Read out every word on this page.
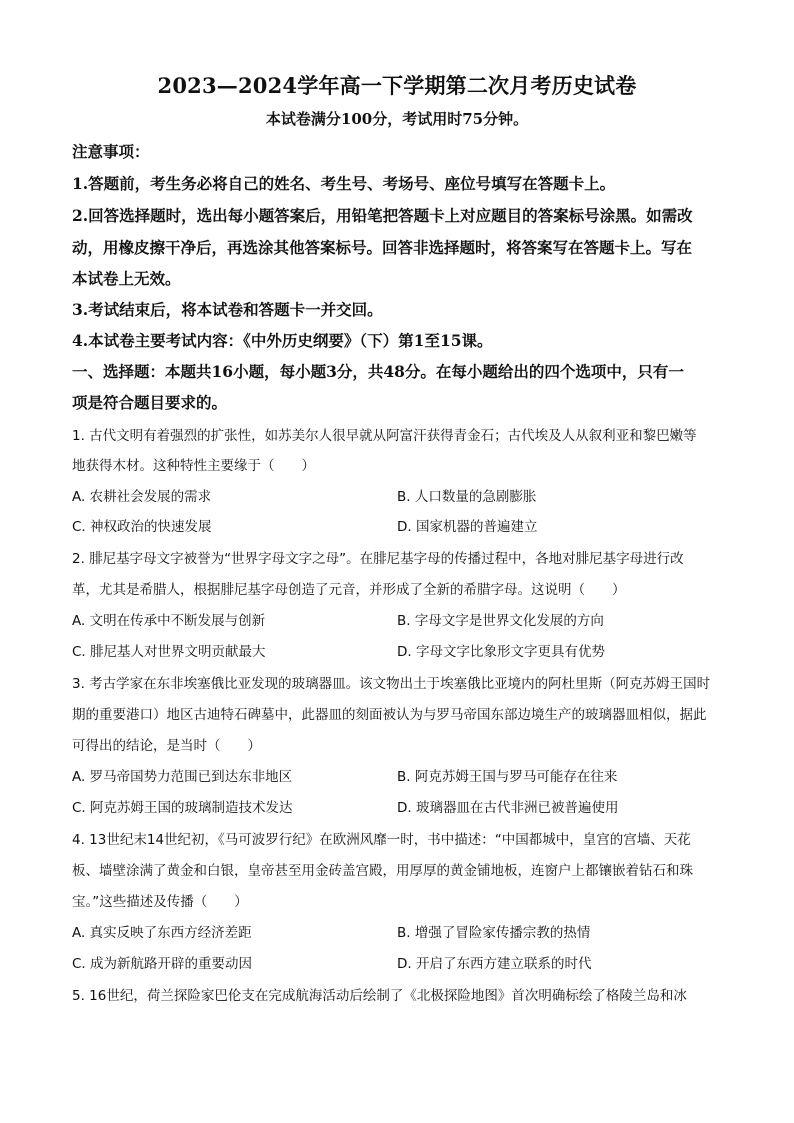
2023—2024学年高一下学期第二次月考历史试卷
本试卷满分100分，考试用时75分钟。
注意事项：
1.答题前，考生务必将自己的姓名、考生号、考场号、座位号填写在答题卡上。
2.回答选择题时，选出每小题答案后，用铅笔把答题卡上对应题目的答案标号涂黑。如需改
动，用橡皮擦干净后，再选涂其他答案标号。回答非选择题时，将答案写在答题卡上。写在
本试卷上无效。
3.考试结束后，将本试卷和答题卡一并交回。
4.本试卷主要考试内容：《中外历史纲要》（下）第1至15课。
一、选择题：本题共16小题，每小题3分，共48分。在每小题给出的四个选项中，只有一
项是符合题目要求的。
1. 古代文明有着强烈的扩张性，如苏美尔人很早就从阿富汗获得青金石；古代埃及人从叙利亚和黎巴嫩等
地获得木材。这种特性主要缘于（　　）
A. 农耕社会发展的需求	B. 人口数量的急剧膨胀
C. 神权政治的快速发展	D. 国家机器的普遍建立
2. 腓尼基字母文字被誉为“世界字母文字之母”。在腓尼基字母的传播过程中，各地对腓尼基字母进行改
革，尤其是希腊人，根据腓尼基字母创造了元音，并形成了全新的希腊字母。这说明（　　）
A. 文明在传承中不断发展与创新	B. 字母文字是世界文化发展的方向
C. 腓尼基人对世界文明贡献最大	D. 字母文字比象形文字更具有优势
3. 考古学家在东非埃塞俄比亚发现的玻璃器皿。该文物出土于埃塞俄比亚境内的阿杜里斯（阿克苏姆王国时
期的重要港口）地区古迪特石碑墓中，此器皿的刻面被认为与罗马帝国东部边境生产的玻璃器皿相似，据此
可得出的结论，是当时（　　）
A. 罗马帝国势力范围已到达东非地区	B. 阿克苏姆王国与罗马可能存在往来
C. 阿克苏姆王国的玻璃制造技术发达	D. 玻璃器皿在古代非洲已被普遍使用
4. 13世纪末14世纪初，《马可波罗行纪》在欧洲风靡一时，书中描述：“中国都城中，皇宫的宫墙、天花
板、墙壁涂满了黄金和白银，皇帝甚至用金砖盖宫殿，用厚厚的黄金铺地板，连窗户上都镶嵌着钻石和珠
宝。”这些描述及传播（　　）
A. 真实反映了东西方经济差距	B. 增强了冒险家传播宗教的热情
C. 成为新航路开辟的重要动因	D. 开启了东西方建立联系的时代
5. 16世纪，荷兰探险家巴伦支在完成航海活动后绘制了《北极探险地图》首次明确标绘了格陵兰岛和冰
